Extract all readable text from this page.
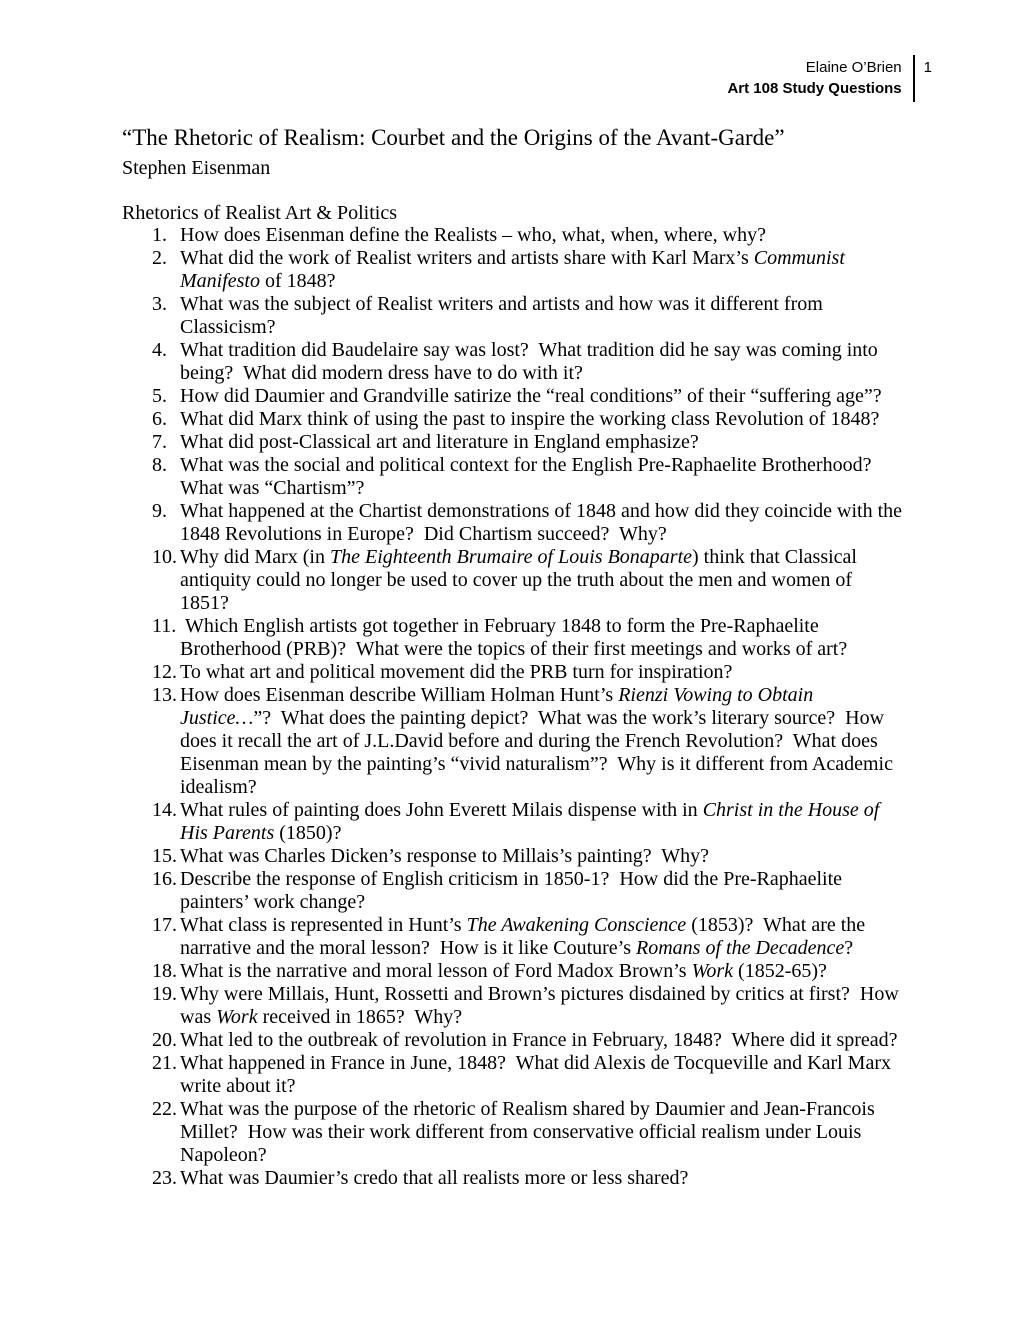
Elaine O’Brien
Art 108 Study Questions
1
“The Rhetoric of Realism: Courbet and the Origins of the Avant-Garde”
Stephen Eisenman
Rhetorics of Realist Art & Politics
1. How does Eisenman define the Realists – who, what, when, where, why?
2. What did the work of Realist writers and artists share with Karl Marx’s Communist Manifesto of 1848?
3. What was the subject of Realist writers and artists and how was it different from Classicism?
4. What tradition did Baudelaire say was lost?  What tradition did he say was coming into being?  What did modern dress have to do with it?
5. How did Daumier and Grandville satirize the “real conditions” of their “suffering age”?
6. What did Marx think of using the past to inspire the working class Revolution of 1848?
7. What did post-Classical art and literature in England emphasize?
8. What was the social and political context for the English Pre-Raphaelite Brotherhood?  What was “Chartism”?
9. What happened at the Chartist demonstrations of 1848 and how did they coincide with the 1848 Revolutions in Europe?  Did Chartism succeed?  Why?
10. Why did Marx (in The Eighteenth Brumaire of Louis Bonaparte) think that Classical antiquity could no longer be used to cover up the truth about the men and women of 1851?
11. Which English artists got together in February 1848 to form the Pre-Raphaelite Brotherhood (PRB)?  What were the topics of their first meetings and works of art?
12. To what art and political movement did the PRB turn for inspiration?
13. How does Eisenman describe William Holman Hunt’s Rienzi Vowing to Obtain Justice…”?  What does the painting depict?  What was the work’s literary source?  How does it recall the art of J.L.David before and during the French Revolution?  What does Eisenman mean by the painting’s “vivid naturalism”?  Why is it different from Academic idealism?
14. What rules of painting does John Everett Milais dispense with in Christ in the House of His Parents (1850)?
15. What was Charles Dicken’s response to Millais’s painting?  Why?
16. Describe the response of English criticism in 1850-1?  How did the Pre-Raphaelite painters’ work change?
17. What class is represented in Hunt’s The Awakening Conscience (1853)?  What are the narrative and the moral lesson?  How is it like Couture’s Romans of the Decadence?
18. What is the narrative and moral lesson of Ford Madox Brown’s Work (1852-65)?
19. Why were Millais, Hunt, Rossetti and Brown’s pictures disdained by critics at first?  How was Work received in 1865?  Why?
20. What led to the outbreak of revolution in France in February, 1848?  Where did it spread?
21. What happened in France in June, 1848?  What did Alexis de Tocqueville and Karl Marx write about it?
22. What was the purpose of the rhetoric of Realism shared by Daumier and Jean-Francois Millet?  How was their work different from conservative official realism under Louis Napoleon?
23. What was Daumier’s credo that all realists more or less shared?
